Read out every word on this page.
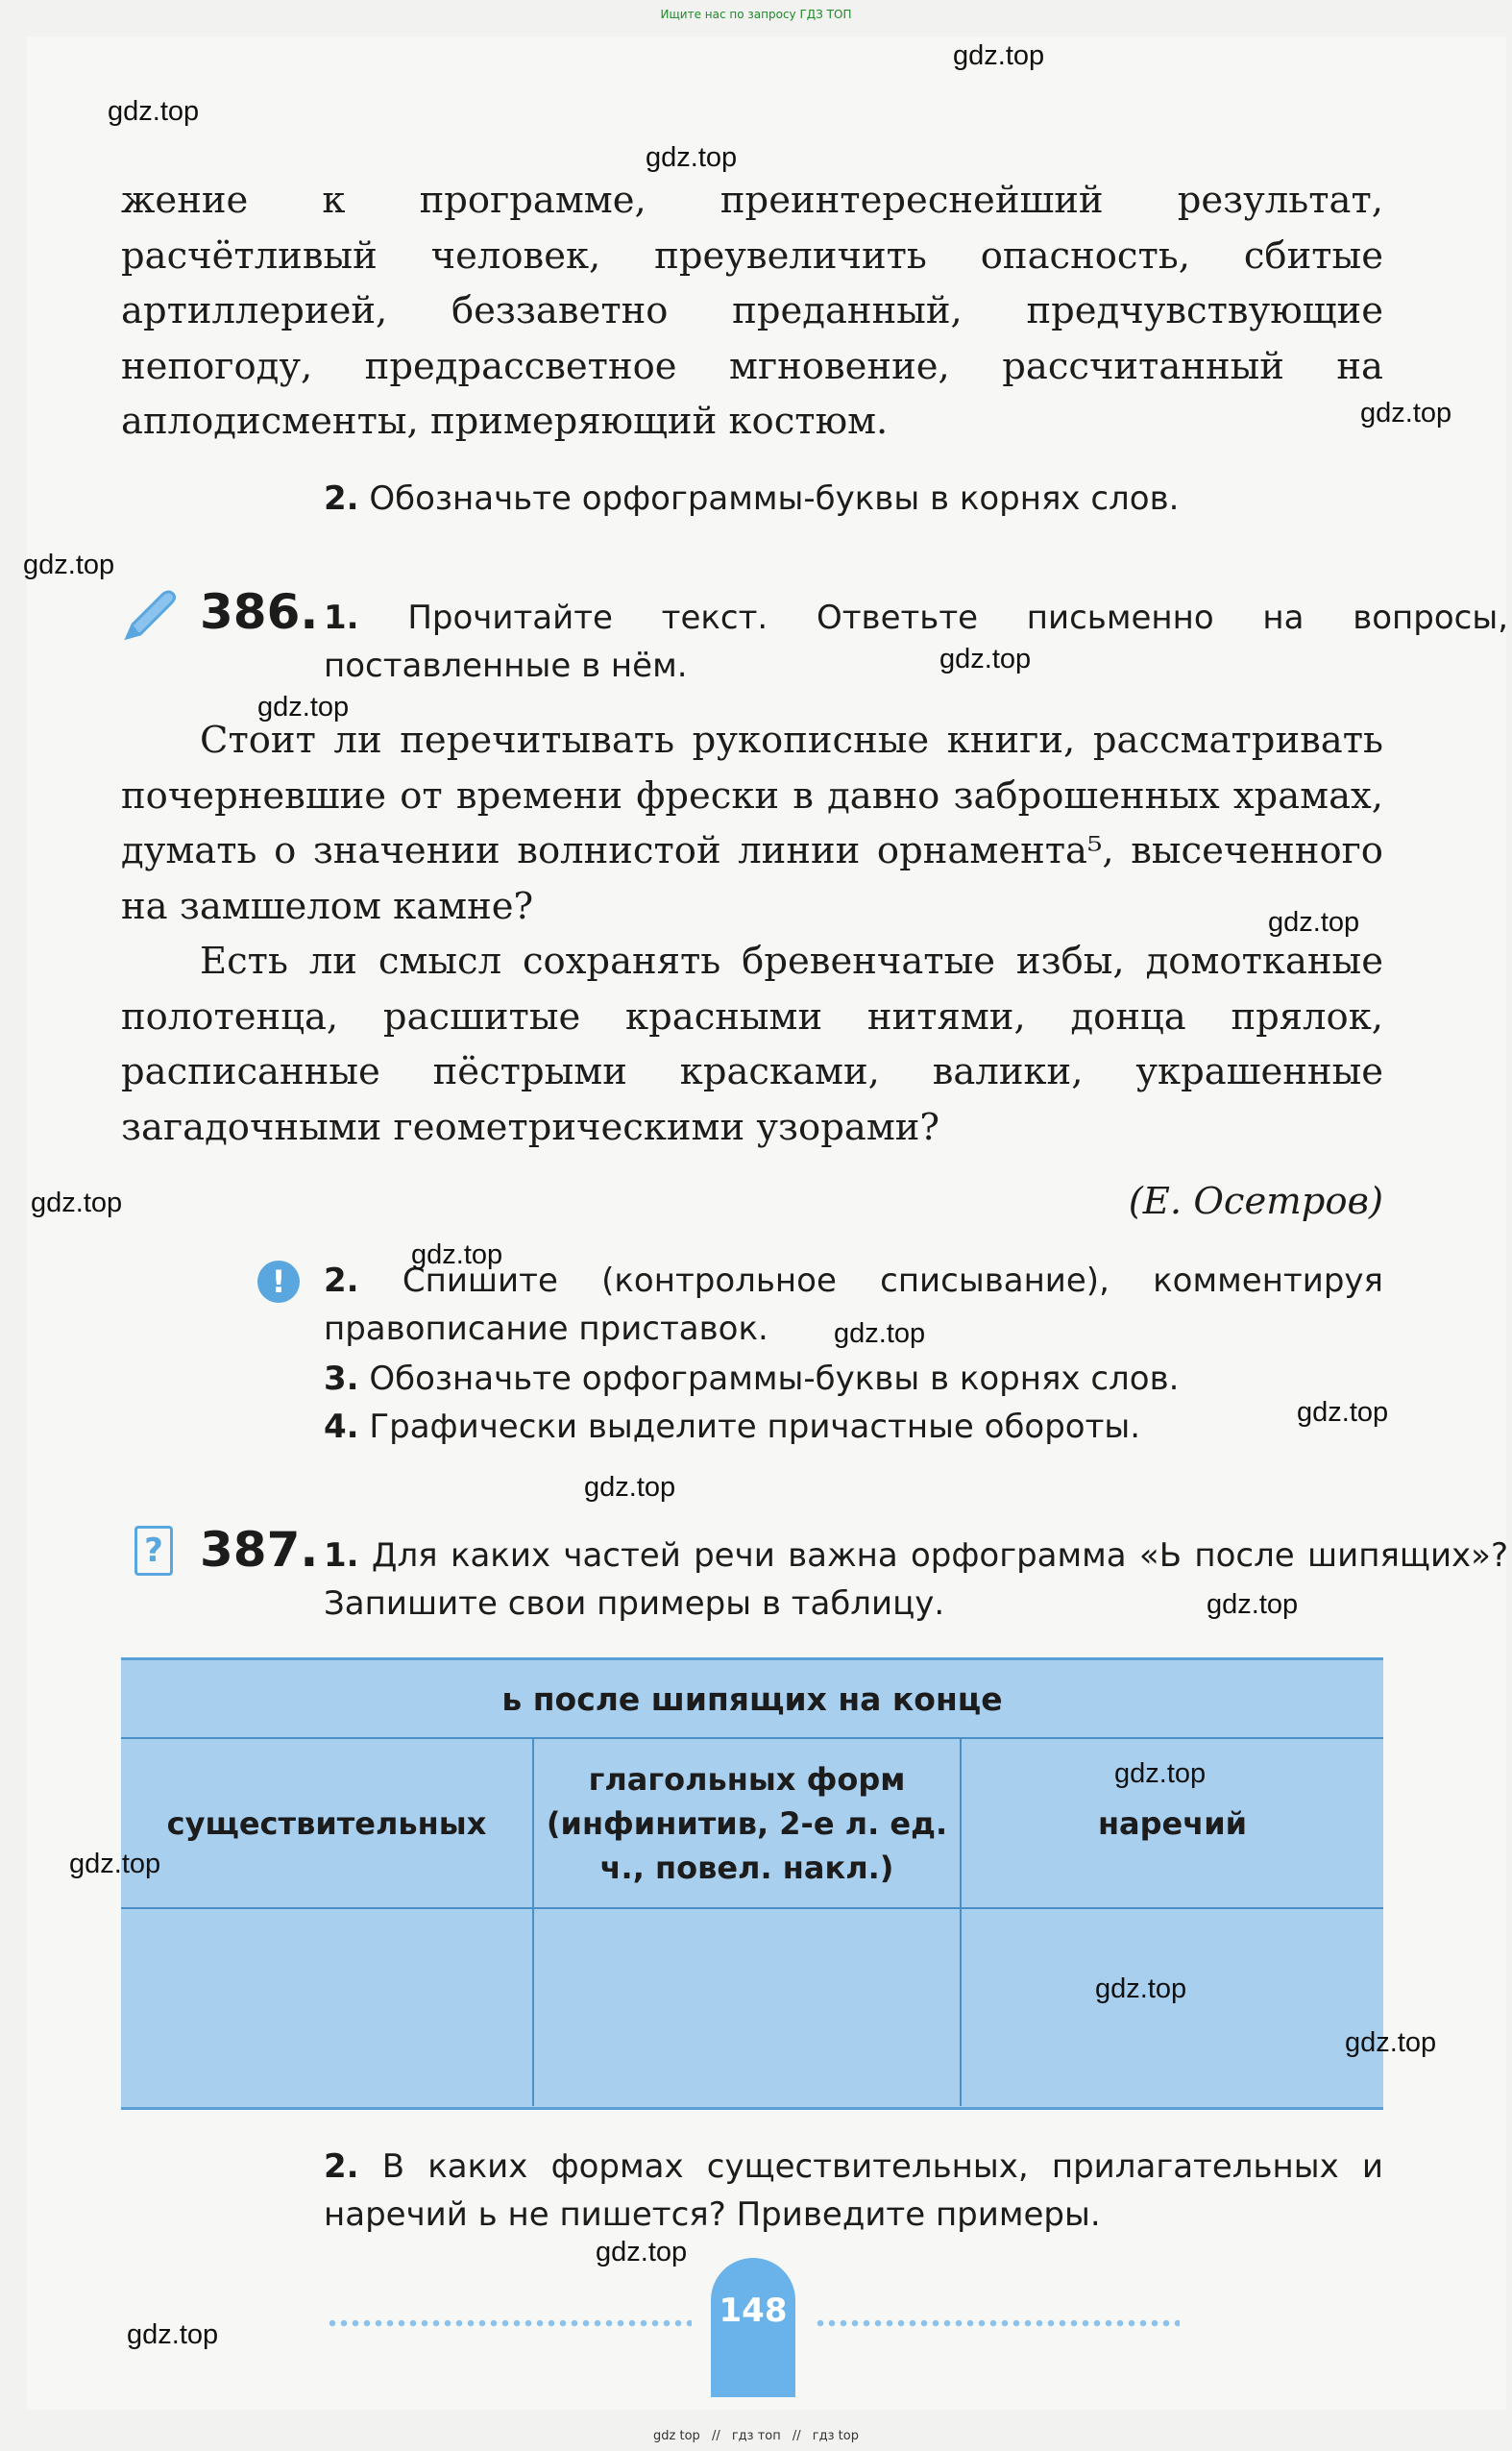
Ищите нас по запросу ГДЗ ТОП

жение к программе, преинтереснейший результат, расчётливый человек, преувеличить опасность, сбитые артиллерией, беззаветно преданный, предчувствующие непогоду, предрассветное мгновение, рассчитанный на аплодисменты, примеряющий костюм.

2. Обозначьте орфограммы-буквы в корнях слов.
386. 1. Прочитайте текст. Ответьте письменно на вопросы, поставленные в нём.

Стоит ли перечитывать рукописные книги, рассматривать почерневшие от времени фрески в давно заброшенных храмах, думать о значении волнистой линии орнамента⁵, высеченного на замшелом камне?

Есть ли смысл сохранять бревенчатые избы, домотканые полотенца, расшитые красными нитями, донца прялок, расписанные пёстрыми красками, валики, украшенные загадочными геометрическими узорами?

(Е. Осетров)
!	2. Спишите (контрольное списывание), комментируя правописание приставок.
3. Обозначьте орфограммы-буквы в корнях слов.
4. Графически выделите причастные обороты.
? 387. 1. Для каких частей речи важна орфограмма «Ь после шипящих»? Запишите свои примеры в таблицу.
ь после шипящих на конце
существительных
глагольных форм (инфинитив, 2-е л. ед. ч., повел. накл.)
наречий
2. В каких формах существительных, прилагательных и наречий ь не пишется? Приведите примеры.
148
gdz.top
gdz.top
gdz.top
gdz.top
gdz.top
gdz.top
gdz.top
gdz.top
gdz.top
gdz.top
gdz.top
gdz.top
gdz.top
gdz.top
gdz.top
gdz.top
gdz.top
gdz.top
gdz.top
gdz.top
gdz top // гдз топ // гдз top
